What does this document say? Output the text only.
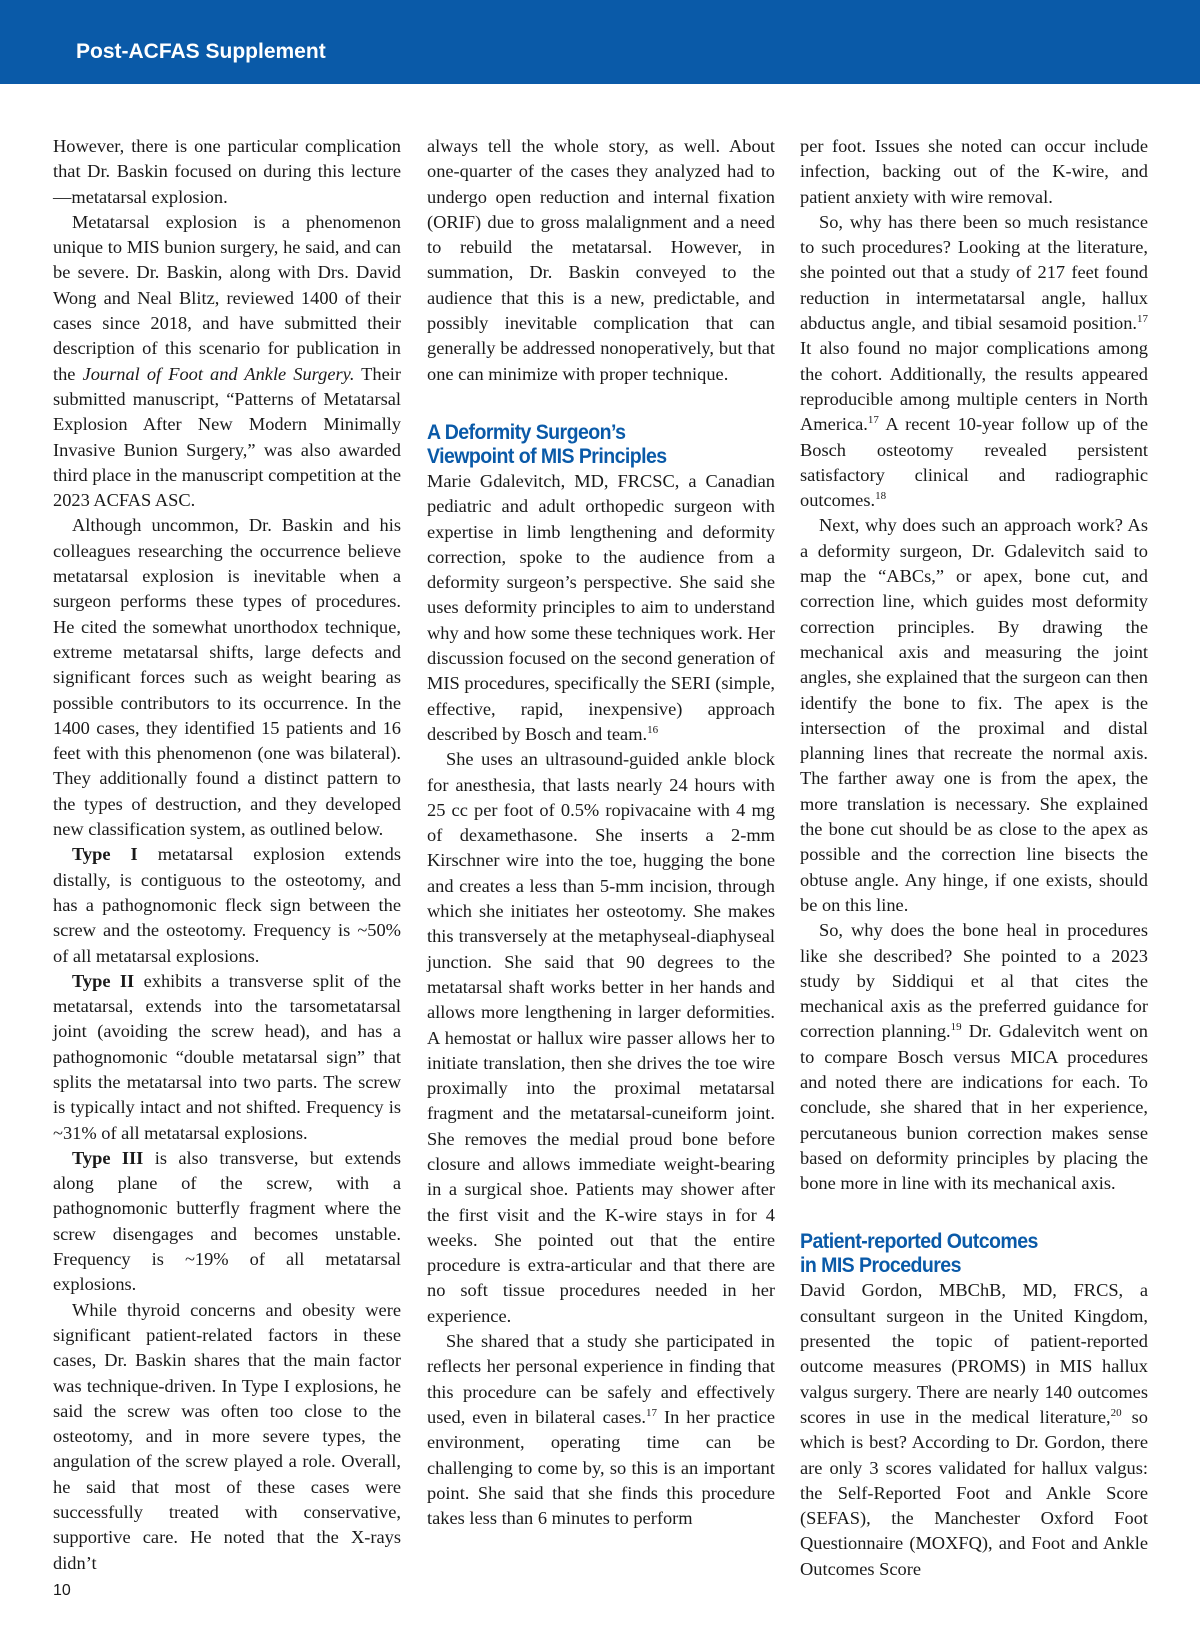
Post-ACFAS Supplement

However, there is one particular complication that Dr. Baskin focused on during this lecture—metatarsal explosion.

Metatarsal explosion is a phenomenon unique to MIS bunion surgery, he said, and can be severe. Dr. Baskin, along with Drs. David Wong and Neal Blitz, reviewed 1400 of their cases since 2018, and have submitted their description of this scenario for publication in the Journal of Foot and Ankle Surgery. Their submitted manuscript, “Patterns of Metatarsal Explosion After New Modern Minimally Invasive Bunion Surgery,” was also awarded third place in the manuscript competition at the 2023 ACFAS ASC.

Although uncommon, Dr. Baskin and his colleagues researching the occurrence believe metatarsal explosion is inevitable when a surgeon performs these types of procedures. He cited the somewhat unorthodox technique, extreme metatarsal shifts, large defects and significant forces such as weight bearing as possible contributors to its occurrence. In the 1400 cases, they identified 15 patients and 16 feet with this phenomenon (one was bilateral). They additionally found a distinct pattern to the types of destruction, and they developed new classification system, as outlined below.

Type I metatarsal explosion extends distally, is contiguous to the osteotomy, and has a pathognomonic fleck sign between the screw and the osteotomy. Frequency is ~50% of all metatarsal explosions.

Type II exhibits a transverse split of the metatarsal, extends into the tarsometatarsal joint (avoiding the screw head), and has a pathognomonic “double metatarsal sign” that splits the metatarsal into two parts. The screw is typically intact and not shifted. Frequency is ~31% of all metatarsal explosions.

Type III is also transverse, but extends along plane of the screw, with a pathognomonic butterfly fragment where the screw disengages and becomes unstable. Frequency is ~19% of all metatarsal explosions.

While thyroid concerns and obesity were significant patient-related factors in these cases, Dr. Baskin shares that the main factor was technique-driven. In Type I explosions, he said the screw was often too close to the osteotomy, and in more severe types, the angulation of the screw played a role. Overall, he said that most of these cases were successfully treated with conservative, supportive care. He noted that the X-rays didn’t

always tell the whole story, as well. About one-quarter of the cases they analyzed had to undergo open reduction and internal fixation (ORIF) due to gross malalignment and a need to rebuild the metatarsal. However, in summation, Dr. Baskin conveyed to the audience that this is a new, predictable, and possibly inevitable complication that can generally be addressed nonoperatively, but that one can minimize with proper technique.

A Deformity Surgeon’s
Viewpoint of MIS Principles

Marie Gdalevitch, MD, FRCSC, a Canadian pediatric and adult orthopedic surgeon with expertise in limb lengthening and deformity correction, spoke to the audience from a deformity surgeon’s perspective. She said she uses deformity principles to aim to understand why and how some these techniques work. Her discussion focused on the second generation of MIS procedures, specifically the SERI (simple, effective, rapid, inexpensive) approach described by Bosch and team.$^{16}$

She uses an ultrasound-guided ankle block for anesthesia, that lasts nearly 24 hours with 25 cc per foot of 0.5% ropivacaine with 4 mg of dexamethasone. She inserts a 2-mm Kirschner wire into the toe, hugging the bone and creates a less than 5-mm incision, through which she initiates her osteotomy. She makes this transversely at the metaphyseal-diaphyseal junction. She said that 90 degrees to the metatarsal shaft works better in her hands and allows more lengthening in larger deformities. A hemostat or hallux wire passer allows her to initiate translation, then she drives the toe wire proximally into the proximal metatarsal fragment and the metatarsal-cuneiform joint. She removes the medial proud bone before closure and allows immediate weight-bearing in a surgical shoe. Patients may shower after the first visit and the K-wire stays in for 4 weeks. She pointed out that the entire procedure is extra-articular and that there are no soft tissue procedures needed in her experience.

She shared that a study she participated in reflects her personal experience in finding that this procedure can be safely and effectively used, even in bilateral cases.$^{17}$ In her practice environment, operating time can be challenging to come by, so this is an important point. She said that she finds this procedure takes less than 6 minutes to perform

per foot. Issues she noted can occur include infection, backing out of the K-wire, and patient anxiety with wire removal.

So, why has there been so much resistance to such procedures? Looking at the literature, she pointed out that a study of 217 feet found reduction in intermetatarsal angle, hallux abductus angle, and tibial sesamoid position.$^{17}$ It also found no major complications among the cohort. Additionally, the results appeared reproducible among multiple centers in North America.$^{17}$ A recent 10-year follow up of the Bosch osteotomy revealed persistent satisfactory clinical and radiographic outcomes.$^{18}$

Next, why does such an approach work? As a deformity surgeon, Dr. Gdalevitch said to map the “ABCs,” or apex, bone cut, and correction line, which guides most deformity correction principles. By drawing the mechanical axis and measuring the joint angles, she explained that the surgeon can then identify the bone to fix. The apex is the intersection of the proximal and distal planning lines that recreate the normal axis. The farther away one is from the apex, the more translation is necessary. She explained the bone cut should be as close to the apex as possible and the correction line bisects the obtuse angle. Any hinge, if one exists, should be on this line.

So, why does the bone heal in procedures like she described? She pointed to a 2023 study by Siddiqui et al that cites the mechanical axis as the preferred guidance for correction planning.$^{19}$ Dr. Gdalevitch went on to compare Bosch versus MICA procedures and noted there are indications for each. To conclude, she shared that in her experience, percutaneous bunion correction makes sense based on deformity principles by placing the bone more in line with its mechanical axis.

Patient-reported Outcomes
in MIS Procedures

David Gordon, MBChB, MD, FRCS, a consultant surgeon in the United Kingdom, presented the topic of patient-reported outcome measures (PROMS) in MIS hallux valgus surgery. There are nearly 140 outcomes scores in use in the medical literature,$^{20}$ so which is best? According to Dr. Gordon, there are only 3 scores validated for hallux valgus: the Self-Reported Foot and Ankle Score (SEFAS), the Manchester Oxford Foot Questionnaire (MOXFQ), and Foot and Ankle Outcomes Score

10
